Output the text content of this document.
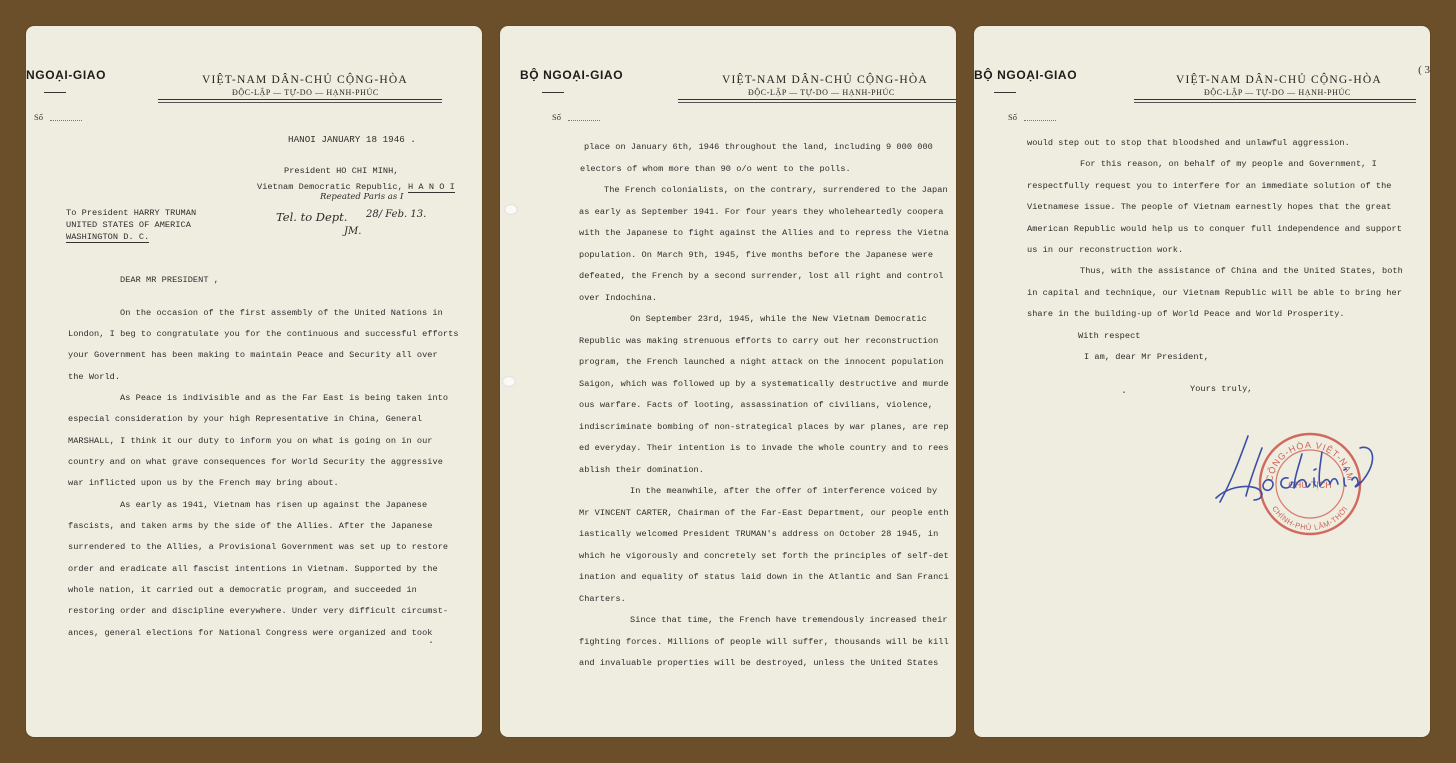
NGOẠI-GIAO	VIỆT-NAM DÂN-CHỦ CỘNG-HÒA
ĐỘC-LẬP — TỰ-DO — HẠNH-PHÚC
Số
HANOI JANUARY 18 1946 .
President HO CHI MINH,
Vietnam Democratic Republic, H A N O I
To President HARRY TRUMAN
UNITED STATES OF AMERICA
WASHINGTON D. C.
Repeated Paris as I
Tel. to Dept. 28/ Feb. 13.
JM.
DEAR MR PRESIDENT ,
On the occasion of the first assembly of the United Nations in
London, I beg to congratulate you for the continuous and successful efforts
your Government has been making to maintain Peace and Security all over
the World.
As Peace is indivisible and as the Far East is being taken into
especial consideration by your high Representative in China, General
MARSHALL, I think it our duty to inform you on what is going on in our
country and on what grave consequences for World Security the aggressive
war inflicted upon us by the French may bring about.
As early as 1941, Vietnam has risen up against the Japanese
fascists, and taken arms by the side of the Allies. After the Japanese
surrendered to the Allies, a Provisional Government was set up to restore
order and eradicate all fascist intentions in Vietnam. Supported by the
whole nation, it carried out a democratic program, and succeeded in
restoring order and discipline everywhere. Under very difficult circumst-
ances, general elections for National Congress were organized and took
·
BỘ NGOẠI-GIAO	VIỆT-NAM DÂN-CHỦ CỘNG-HÒA
ĐỘC-LẬP — TỰ-DO — HẠNH-PHÚC
Số
place on January 6th, 1946 throughout the land, including 9 000 000
electors of whom more than 90 o/o went to the polls.
The French colonialists, on the contrary, surrendered to the Japan
as early as September 1941. For four years they wholeheartedly coopera
with the Japanese to fight against the Allies and to repress the Vietna
population. On March 9th, 1945, five months before the Japanese were
defeated, the French by a second surrender, lost all right and control
over Indochina.
On September 23rd, 1945, while the New Vietnam Democratic
Republic was making strenuous efforts to carry out her reconstruction
program, the French launched a night attack on the innocent population
Saigon, which was followed up by a systematically destructive and murde
ous warfare. Facts of looting, assassination of civilians, violence,
indiscriminate bombing of non-strategical places by war planes, are rep
ed everyday. Their intention is to invade the whole country and to rees
ablish their domination.
In the meanwhile, after the offer of interference voiced by
Mr VINCENT CARTER, Chairman of the Far-East Department, our people enth
iastically welcomed President TRUMAN's address on October 28 1945, in
which he vigorously and concretely set forth the principles of self-det
ination and equality of status laid down in the Atlantic and San Franci
Charters.
Since that time, the French have tremendously increased their
fighting forces. Millions of people will suffer, thousands will be kill
and invaluable properties will be destroyed, unless the United States
BỘ NGOẠI-GIAO	VIỆT-NAM DÂN-CHỦ CỘNG-HÒA
ĐỘC-LẬP — TỰ-DO — HẠNH-PHÚC
( 3
Số
would step out to stop that bloodshed and unlawful aggression.
For this reason, on behalf of my people and Government, I
respectfully request you to interfere for an immediate solution of the
Vietnamese issue. The people of Vietnam earnestly hopes that the great
American Republic would help us to conquer full independence and support
us in our reconstruction work.
Thus, with the assistance of China and the United States, both
in capital and technique, our Vietnam Republic will be able to bring her
share in the building-up of World Peace and World Prosperity.
With respect
I am, dear Mr President,
Yours truly,
·
CỘNG-HÒA VIỆT-NAM
CHỦ-TỊCH
CHÍNH-PHỦ LÂM-THỜI
